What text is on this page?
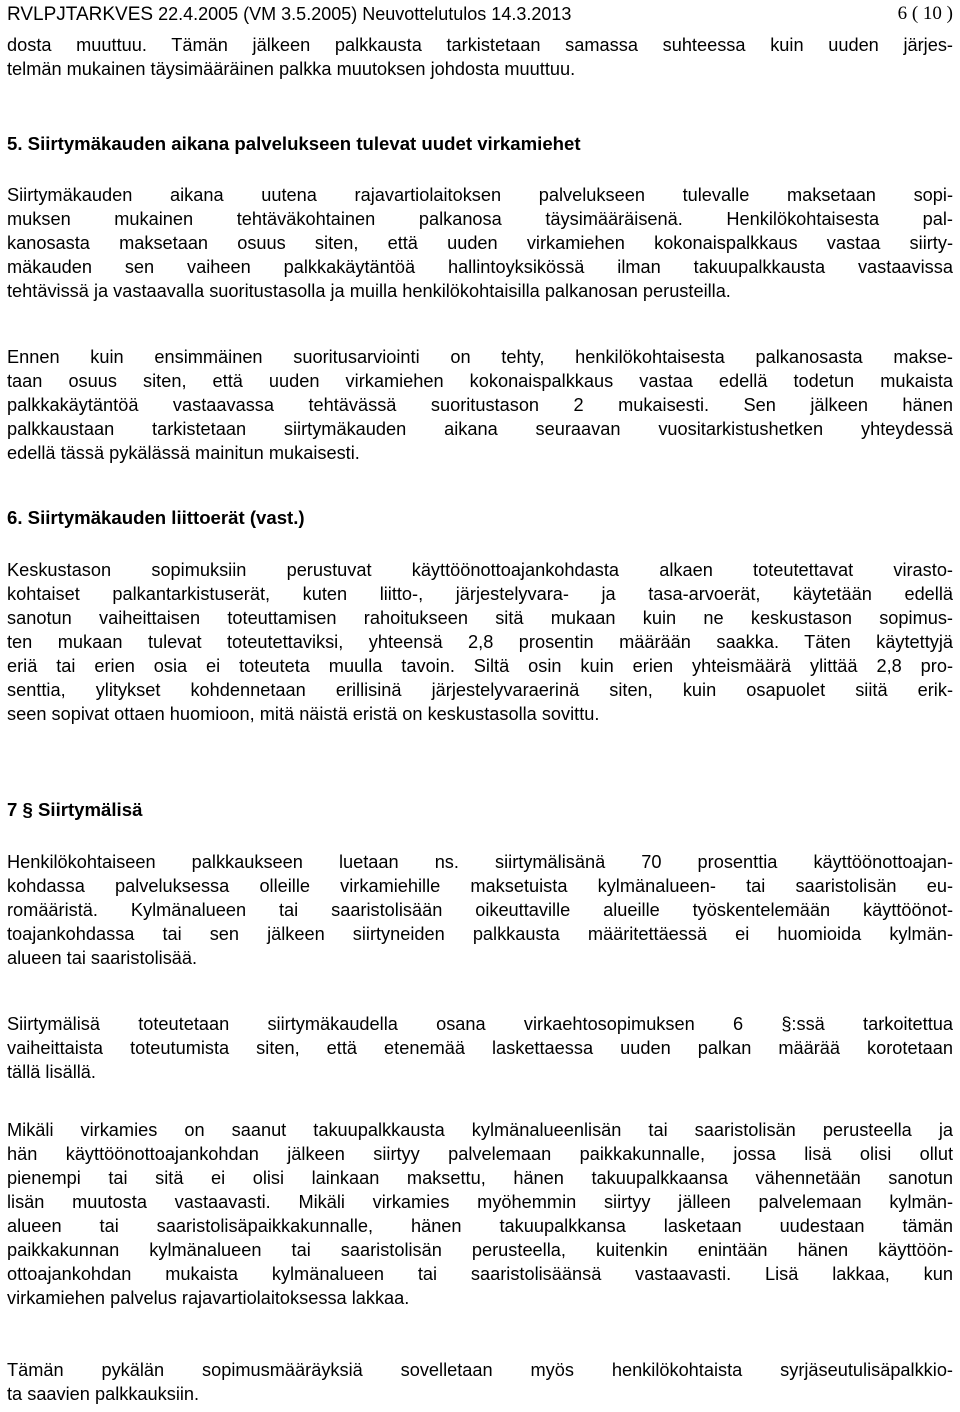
RVLPJTARKVES 22.4.2005 (VM 3.5.2005) Neuvottelutulos 14.3.2013	6 ( 10 )
dosta muuttuu. Tämän jälkeen palkkausta tarkistetaan samassa suhteessa kuin uuden järjes-
telmän mukainen täysimääräinen palkka muutoksen johdosta muuttuu.
5. Siirtymäkauden aikana palvelukseen tulevat uudet virkamiehet
Siirtymäkauden aikana uutena rajavartiolaitoksen palvelukseen tulevalle maksetaan sopi-
muksen mukainen tehtäväkohtainen palkanosa täysimääräisenä. Henkilökohtaisesta pal-
kanosasta maksetaan osuus siten, että uuden virkamiehen kokonaispalkkaus vastaa siirty-
mäkauden sen vaiheen palkkakäytäntöä hallintoyksikössä ilman takuupalkkausta vastaavissa
tehtävissä ja vastaavalla suoritustasolla ja muilla henkilökohtaisilla palkanosan perusteilla.
Ennen kuin ensimmäinen suoritusarviointi on tehty, henkilökohtaisesta palkanosasta makse-
taan osuus siten, että uuden virkamiehen kokonaispalkkaus vastaa edellä todetun mukaista
palkkakäytäntöä vastaavassa tehtävässä suoritustason 2 mukaisesti. Sen jälkeen hänen
palkkaustaan tarkistetaan siirtymäkauden aikana seuraavan vuositarkistushetken yhteydessä
edellä tässä pykälässä mainitun mukaisesti.
6. Siirtymäkauden liittoerät (vast.)
Keskustason sopimuksiin perustuvat käyttöönottoajankohdasta alkaen toteutettavat virasto-
kohtaiset palkantarkistuserät, kuten liitto-, järjestelyvara- ja tasa-arvoerät, käytetään edellä
sanotun vaiheittaisen toteuttamisen rahoitukseen sitä mukaan kuin ne keskustason sopimus-
ten mukaan tulevat toteutettaviksi, yhteensä 2,8 prosentin määrään saakka. Täten käytettyjä
eriä tai erien osia ei toteuteta muulla tavoin. Siltä osin kuin erien yhteismäärä ylittää 2,8 pro-
senttia, ylitykset kohdennetaan erillisinä järjestelyvaraerinä siten, kuin osapuolet siitä erik-
seen sopivat ottaen huomioon, mitä näistä eristä on keskustasolla sovittu.
7 § Siirtymälisä
Henkilökohtaiseen palkkaukseen luetaan ns. siirtymälisänä 70 prosenttia käyttöönottoajan-
kohdassa palveluksessa olleille virkamiehille maksetuista kylmänalueen- tai saaristolisän eu-
romääristä. Kylmänalueen tai saaristolisään oikeuttaville alueille työskentelemään käyttöönot-
toajankohdassa tai sen jälkeen siirtyneiden palkkausta määritettäessä ei huomioida kylmän-
alueen tai saaristolisää.
Siirtymälisä toteutetaan siirtymäkaudella osana virkaehtosopimuksen 6 §:ssä tarkoitettua
vaiheittaista toteutumista siten, että etenemää laskettaessa uuden palkan määrää korotetaan
tällä lisällä.
Mikäli virkamies on saanut takuupalkkausta kylmänalueenlisän tai saaristolisän perusteella ja
hän käyttöönottoajankohdan jälkeen siirtyy palvelemaan paikkakunnalle, jossa lisä olisi ollut
pienempi tai sitä ei olisi lainkaan maksettu, hänen takuupalkkaansa vähennetään sanotun
lisän muutosta vastaavasti. Mikäli virkamies myöhemmin siirtyy jälleen palvelemaan kylmän-
alueen tai saaristolisäpaikkakunnalle, hänen takuupalkkansa lasketaan uudestaan tämän
paikkakunnan kylmänalueen tai saaristolisän perusteella, kuitenkin enintään hänen käyttöön-
ottoajankohdan mukaista kylmänalueen tai saaristolisäänsä vastaavasti. Lisä lakkaa, kun
virkamiehen palvelus rajavartiolaitoksessa lakkaa.
Tämän pykälän sopimusmääräyksiä sovelletaan myös henkilökohtaista syrjäseutulisäpalkkio-
ta saavien palkkauksiin.
